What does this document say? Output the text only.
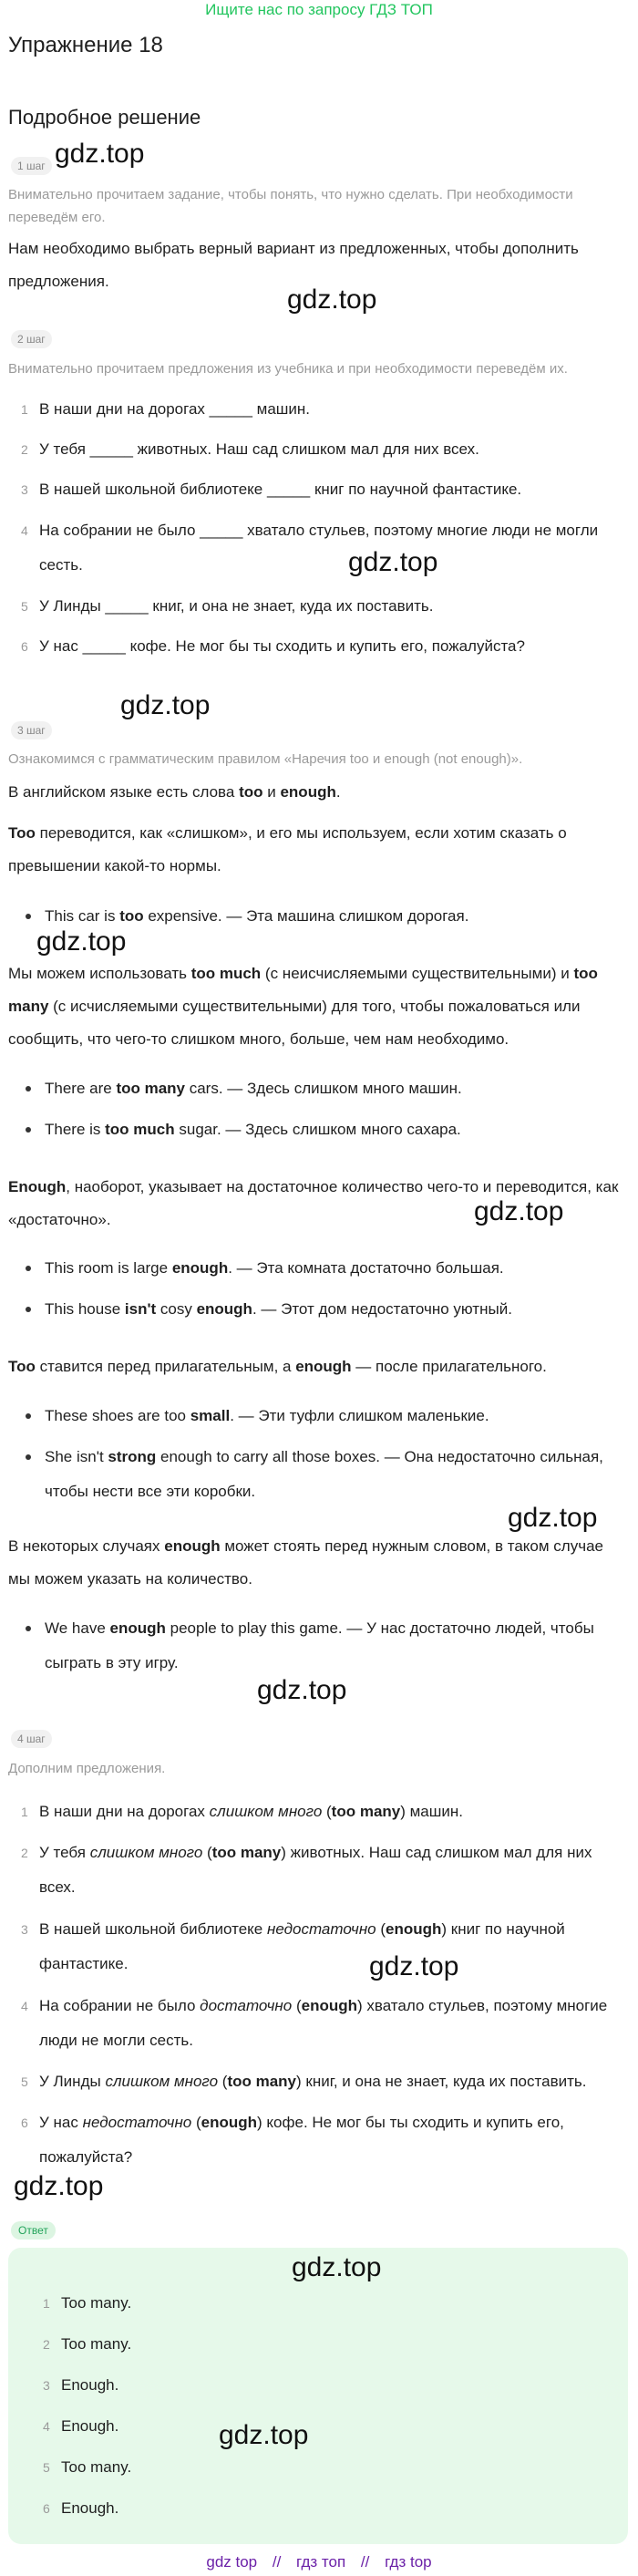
Ищите нас по запросу ГДЗ ТОП
Упражнение 18
Подробное решение
1 шаг gdz.top
Внимательно прочитаем задание, чтобы понять, что нужно сделать. При необходимости переведём его.
Нам необходимо выбрать верный вариант из предложенных, чтобы дополнить предложения.
gdz.top
2 шаг
Внимательно прочитаем предложения из учебника и при необходимости переведём их.
1 В наши дни на дорогах _____ машин.
2 У тебя _____ животных. Наш сад слишком мал для них всех.
3 В нашей школьной библиотеке _____ книг по научной фантастике.
4 На собрании не было _____ хватало стульев, поэтому многие люди не могли сесть.
5 У Линды _____ книг, и она не знает, куда их поставить.
6 У нас _____ кофе. Не мог бы ты сходить и купить его, пожалуйста?
gdz.top
gdz.top
3 шаг
Ознакомимся с грамматическим правилом «Наречия too и enough (not enough)».
В английском языке есть слова too и enough.
Too переводится, как «слишком», и его мы используем, если хотим сказать о превышении какой-то нормы.
This car is too expensive. — Эта машина слишком дорогая.
gdz.top
Мы можем использовать too much (с неисчисляемыми существительными) и too many (с исчисляемыми существительными) для того, чтобы пожаловаться или сообщить, что чего-то слишком много, больше, чем нам необходимо.
There are too many cars. — Здесь слишком много машин.
There is too much sugar. — Здесь слишком много сахара.
Enough, наоборот, указывает на достаточное количество чего-то и переводится, как «достаточно».	gdz.top
This room is large enough. — Эта комната достаточно большая.
This house isn't cosy enough. — Этот дом недостаточно уютный.
Too ставится перед прилагательным, а enough — после прилагательного.
These shoes are too small. — Эти туфли слишком маленькие.
She isn't strong enough to carry all those boxes. — Она недостаточно сильная, чтобы нести все эти коробки.
gdz.top
В некоторых случаях enough может стоять перед нужным словом, в таком случае мы можем указать на количество.
We have enough people to play this game. — У нас достаточно людей, чтобы сыграть в эту игру.
gdz.top
4 шаг
Дополним предложения.
1 В наши дни на дорогах слишком много (too many) машин.
2 У тебя слишком много (too many) животных. Наш сад слишком мал для них всех.
3 В нашей школьной библиотеке недостаточно (enough) книг по научной фантастике.
4 На собрании не было достаточно (enough) хватало стульев, поэтому многие люди не могли сесть.
5 У Линды слишком много (too many) книг, и она не знает, куда их поставить.
6 У нас недостаточно (enough) кофе. Не мог бы ты сходить и купить его, пожалуйста?
gdz.top
gdz.top
Ответ
gdz.top
1 Too many.
2 Too many.
3 Enough.
4 Enough.
5 Too many.
6 Enough.
gdz.top
gdz top // гдз топ // гдз top
